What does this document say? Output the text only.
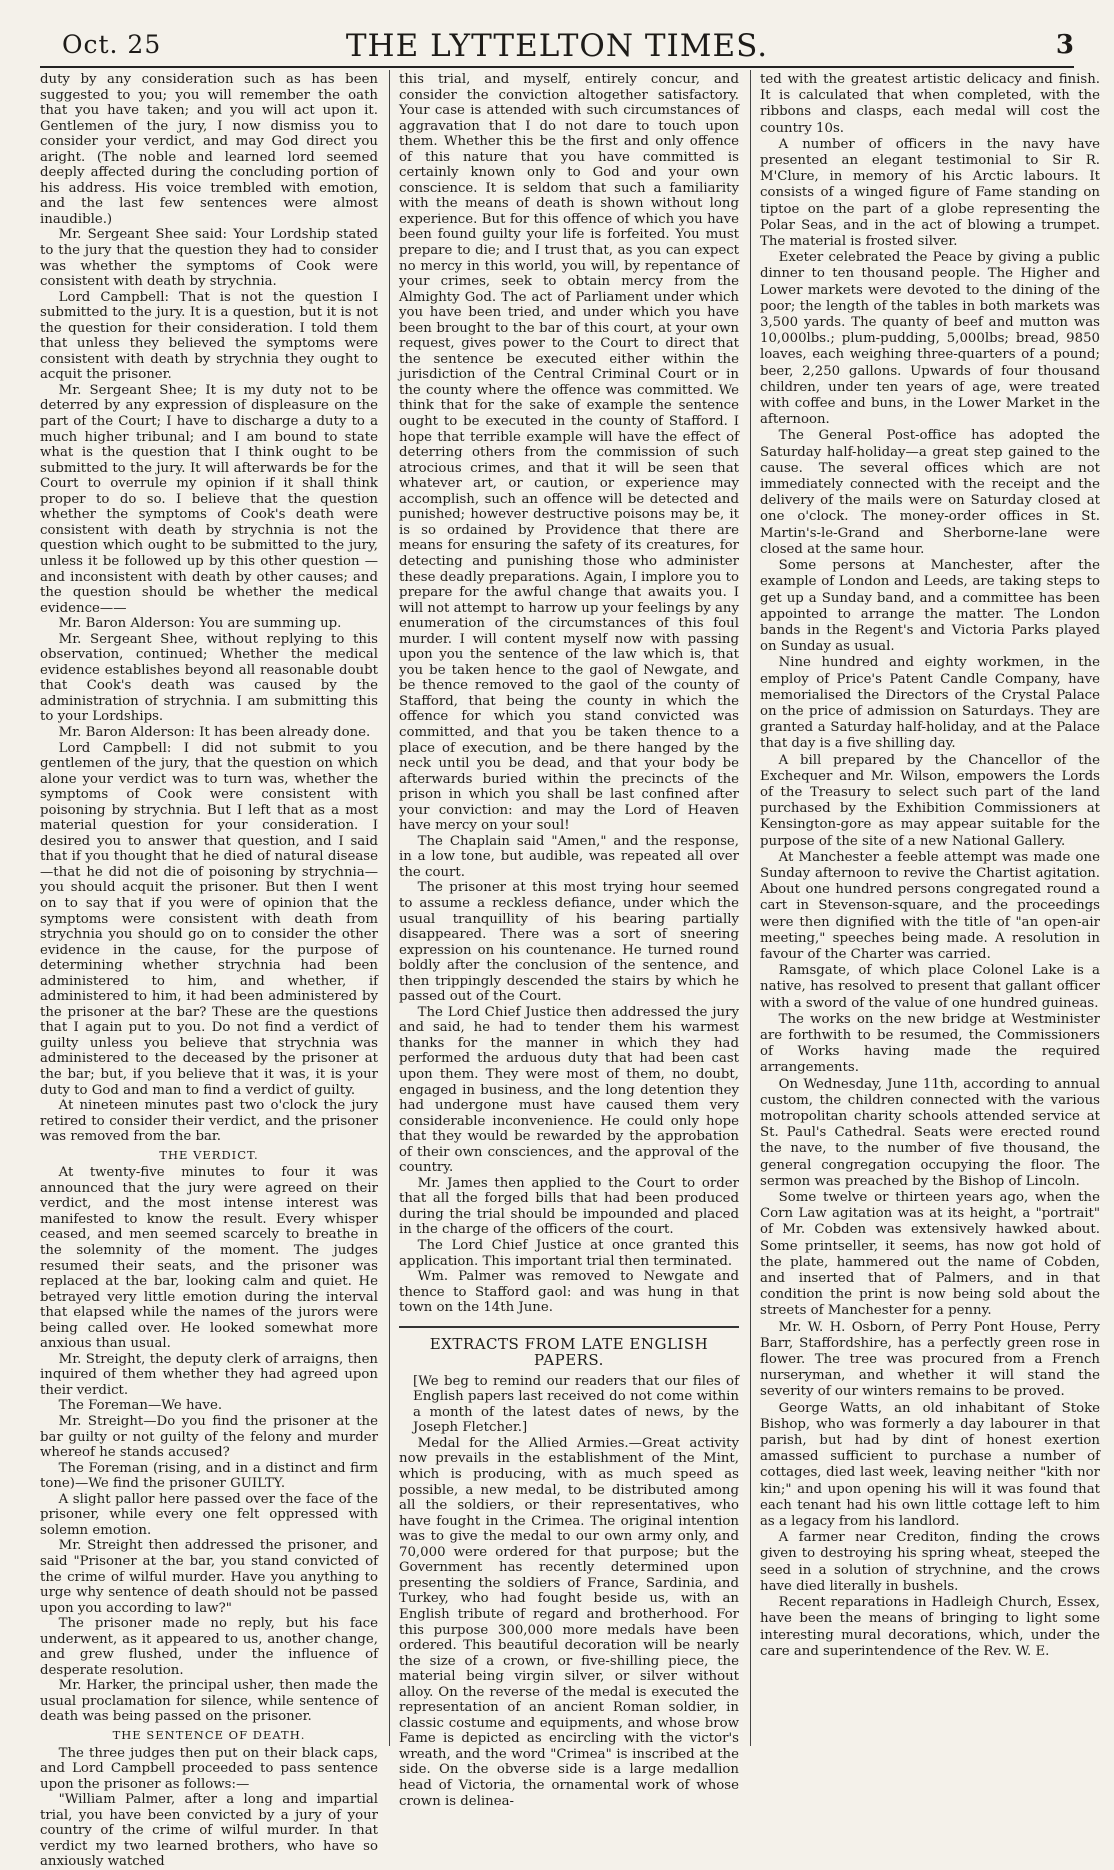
Oct. 25	THE LYTTELTON TIMES.	3

duty by any consideration such as has been suggested to you; you will remember the oath that you have taken; and you will act upon it. Gentlemen of the jury, I now dismiss you to consider your verdict, and may God direct you aright. (The noble and learned lord seemed deeply affected during the concluding portion of his address. His voice trembled with emotion, and the last few sentences were almost inaudible.)

Mr. Sergeant Shee said: Your Lordship stated to the jury that the question they had to consider was whether the symptoms of Cook were consistent with death by strychnia.

Lord Campbell: That is not the question I submitted to the jury. It is a question, but it is not the question for their consideration. I told them that unless they believed the symptoms were consistent with death by strychnia they ought to acquit the prisoner.

Mr. Sergeant Shee; It is my duty not to be deterred by any expression of displeasure on the part of the Court; I have to discharge a duty to a much higher tribunal; and I am bound to state what is the question that I think ought to be submitted to the jury. It will afterwards be for the Court to overrule my opinion if it shall think proper to do so. I believe that the question whether the symptoms of Cook's death were consistent with death by strychnia is not the question which ought to be submitted to the jury, unless it be followed up by this other question — and inconsistent with death by other causes; and the question should be whether the medical evidence——

Mr. Baron Alderson: You are summing up.

Mr. Sergeant Shee, without replying to this observation, continued; Whether the medical evidence establishes beyond all reasonable doubt that Cook's death was caused by the administration of strychnia. I am submitting this to your Lordships.

Mr. Baron Alderson: It has been already done.

Lord Campbell: I did not submit to you gentlemen of the jury, that the question on which alone your verdict was to turn was, whether the symptoms of Cook were consistent with poisoning by strychnia. But I left that as a most material question for your consideration. I desired you to answer that question, and I said that if you thought that he died of natural disease—that he did not die of poisoning by strychnia—you should acquit the prisoner. But then I went on to say that if you were of opinion that the symptoms were consistent with death from strychnia you should go on to consider the other evidence in the cause, for the purpose of determining whether strychnia had been administered to him, and whether, if administered to him, it had been administered by the prisoner at the bar? These are the questions that I again put to you. Do not find a verdict of guilty unless you believe that strychnia was administered to the deceased by the prisoner at the bar; but, if you believe that it was, it is your duty to God and man to find a verdict of guilty.

At nineteen minutes past two o'clock the jury retired to consider their verdict, and the prisoner was removed from the bar.

THE VERDICT.

At twenty-five minutes to four it was announced that the jury were agreed on their verdict, and the most intense interest was manifested to know the result. Every whisper ceased, and men seemed scarcely to breathe in the solemnity of the moment. The judges resumed their seats, and the prisoner was replaced at the bar, looking calm and quiet. He betrayed very little emotion during the interval that elapsed while the names of the jurors were being called over. He looked somewhat more anxious than usual.

Mr. Streight, the deputy clerk of arraigns, then inquired of them whether they had agreed upon their verdict.

The Foreman—We have.

Mr. Streight—Do you find the prisoner at the bar guilty or not guilty of the felony and murder whereof he stands accused?

The Foreman (rising, and in a distinct and firm tone)—We find the prisoner GUILTY.

A slight pallor here passed over the face of the prisoner, while every one felt oppressed with solemn emotion.

Mr. Streight then addressed the prisoner, and said "Prisoner at the bar, you stand convicted of the crime of wilful murder. Have you anything to urge why sentence of death should not be passed upon you according to law?"

The prisoner made no reply, but his face underwent, as it appeared to us, another change, and grew flushed, under the influence of desperate resolution.

Mr. Harker, the principal usher, then made the usual proclamation for silence, while sentence of death was being passed on the prisoner.

THE SENTENCE OF DEATH.

The three judges then put on their black caps, and Lord Campbell proceeded to pass sentence upon the prisoner as follows:—

"William Palmer, after a long and impartial trial, you have been convicted by a jury of your country of the crime of wilful murder. In that verdict my two learned brothers, who have so anxiously watched

this trial, and myself, entirely concur, and consider the conviction altogether satisfactory. Your case is attended with such circumstances of aggravation that I do not dare to touch upon them. Whether this be the first and only offence of this nature that you have committed is certainly known only to God and your own conscience. It is seldom that such a familiarity with the means of death is shown without long experience. But for this offence of which you have been found guilty your life is forfeited. You must prepare to die; and I trust that, as you can expect no mercy in this world, you will, by repentance of your crimes, seek to obtain mercy from the Almighty God. The act of Parliament under which you have been tried, and under which you have been brought to the bar of this court, at your own request, gives power to the Court to direct that the sentence be executed either within the jurisdiction of the Central Criminal Court or in the county where the offence was committed. We think that for the sake of example the sentence ought to be executed in the county of Stafford. I hope that terrible example will have the effect of deterring others from the commission of such atrocious crimes, and that it will be seen that whatever art, or caution, or experience may accomplish, such an offence will be detected and punished; however destructive poisons may be, it is so ordained by Providence that there are means for ensuring the safety of its creatures, for detecting and punishing those who administer these deadly preparations. Again, I implore you to prepare for the awful change that awaits you. I will not attempt to harrow up your feelings by any enumeration of the circumstances of this foul murder. I will content myself now with passing upon you the sentence of the law which is, that you be taken hence to the gaol of Newgate, and be thence removed to the gaol of the county of Stafford, that being the county in which the offence for which you stand convicted was committed, and that you be taken thence to a place of execution, and be there hanged by the neck until you be dead, and that your body be afterwards buried within the precincts of the prison in which you shall be last confined after your conviction: and may the Lord of Heaven have mercy on your soul!

The Chaplain said "Amen," and the response, in a low tone, but audible, was repeated all over the court.

The prisoner at this most trying hour seemed to assume a reckless defiance, under which the usual tranquillity of his bearing partially disappeared. There was a sort of sneering expression on his countenance. He turned round boldly after the conclusion of the sentence, and then trippingly descended the stairs by which he passed out of the Court.

The Lord Chief Justice then addressed the jury and said, he had to tender them his warmest thanks for the manner in which they had performed the arduous duty that had been cast upon them. They were most of them, no doubt, engaged in business, and the long detention they had undergone must have caused them very considerable inconvenience. He could only hope that they would be rewarded by the approbation of their own consciences, and the approval of the country.

Mr. James then applied to the Court to order that all the forged bills that had been produced during the trial should be impounded and placed in the charge of the officers of the court.

The Lord Chief Justice at once granted this application. This important trial then terminated.

Wm. Palmer was removed to Newgate and thence to Stafford gaol: and was hung in that town on the 14th June.

EXTRACTS FROM LATE ENGLISH PAPERS.

[We beg to remind our readers that our files of English papers last received do not come within a month of the latest dates of news, by the Joseph Fletcher.]

Medal for the Allied Armies.—Great activity now prevails in the establishment of the Mint, which is producing, with as much speed as possible, a new medal, to be distributed among all the soldiers, or their representatives, who have fought in the Crimea. The original intention was to give the medal to our own army only, and 70,000 were ordered for that purpose; but the Government has recently determined upon presenting the soldiers of France, Sardinia, and Turkey, who had fought beside us, with an English tribute of regard and brotherhood. For this purpose 300,000 more medals have been ordered. This beautiful decoration will be nearly the size of a crown, or five-shilling piece, the material being virgin silver, or silver without alloy. On the reverse of the medal is executed the representation of an ancient Roman soldier, in classic costume and equipments, and whose brow Fame is depicted as encircling with the victor's wreath, and the word "Crimea" is inscribed at the side. On the obverse side is a large medallion head of Victoria, the ornamental work of whose crown is delinea-

ted with the greatest artistic delicacy and finish. It is calculated that when completed, with the ribbons and clasps, each medal will cost the country 10s.

A number of officers in the navy have presented an elegant testimonial to Sir R. M'Clure, in memory of his Arctic labours. It consists of a winged figure of Fame standing on tiptoe on the part of a globe representing the Polar Seas, and in the act of blowing a trumpet. The material is frosted silver.

Exeter celebrated the Peace by giving a public dinner to ten thousand people. The Higher and Lower markets were devoted to the dining of the poor; the length of the tables in both markets was 3,500 yards. The quanty of beef and mutton was 10,000lbs.; plum-pudding, 5,000lbs; bread, 9850 loaves, each weighing three-quarters of a pound; beer, 2,250 gallons. Upwards of four thousand children, under ten years of age, were treated with coffee and buns, in the Lower Market in the afternoon.

The General Post-office has adopted the Saturday half-holiday—a great step gained to the cause. The several offices which are not immediately connected with the receipt and the delivery of the mails were on Saturday closed at one o'clock. The money-order offices in St. Martin's-le-Grand and Sherborne-lane were closed at the same hour.

Some persons at Manchester, after the example of London and Leeds, are taking steps to get up a Sunday band, and a committee has been appointed to arrange the matter. The London bands in the Regent's and Victoria Parks played on Sunday as usual.

Nine hundred and eighty workmen, in the employ of Price's Patent Candle Company, have memorialised the Directors of the Crystal Palace on the price of admission on Saturdays. They are granted a Saturday half-holiday, and at the Palace that day is a five shilling day.

A bill prepared by the Chancellor of the Exchequer and Mr. Wilson, empowers the Lords of the Treasury to select such part of the land purchased by the Exhibition Commissioners at Kensington-gore as may appear suitable for the purpose of the site of a new National Gallery.

At Manchester a feeble attempt was made one Sunday afternoon to revive the Chartist agitation. About one hundred persons congregated round a cart in Stevenson-square, and the proceedings were then dignified with the title of "an open-air meeting," speeches being made. A resolution in favour of the Charter was carried.

Ramsgate, of which place Colonel Lake is a native, has resolved to present that gallant officer with a sword of the value of one hundred guineas.

The works on the new bridge at Westminister are forthwith to be resumed, the Commissioners of Works having made the required arrangements.

On Wednesday, June 11th, according to annual custom, the children connected with the various motropolitan charity schools attended service at St. Paul's Cathedral. Seats were erected round the nave, to the number of five thousand, the general congregation occupying the floor. The sermon was preached by the Bishop of Lincoln.

Some twelve or thirteen years ago, when the Corn Law agitation was at its height, a "portrait" of Mr. Cobden was extensively hawked about. Some printseller, it seems, has now got hold of the plate, hammered out the name of Cobden, and inserted that of Palmers, and in that condition the print is now being sold about the streets of Manchester for a penny.

Mr. W. H. Osborn, of Perry Pont House, Perry Barr, Staffordshire, has a perfectly green rose in flower. The tree was procured from a French nurseryman, and whether it will stand the severity of our winters remains to be proved.

George Watts, an old inhabitant of Stoke Bishop, who was formerly a day labourer in that parish, but had by dint of honest exertion amassed sufficient to purchase a number of cottages, died last week, leaving neither "kith nor kin;" and upon opening his will it was found that each tenant had his own little cottage left to him as a legacy from his landlord.

A farmer near Crediton, finding the crows given to destroying his spring wheat, steeped the seed in a solution of strychnine, and the crows have died literally in bushels.

Recent reparations in Hadleigh Church, Essex, have been the means of bringing to light some interesting mural decorations, which, under the care and superintendence of the Rev. W. E.
